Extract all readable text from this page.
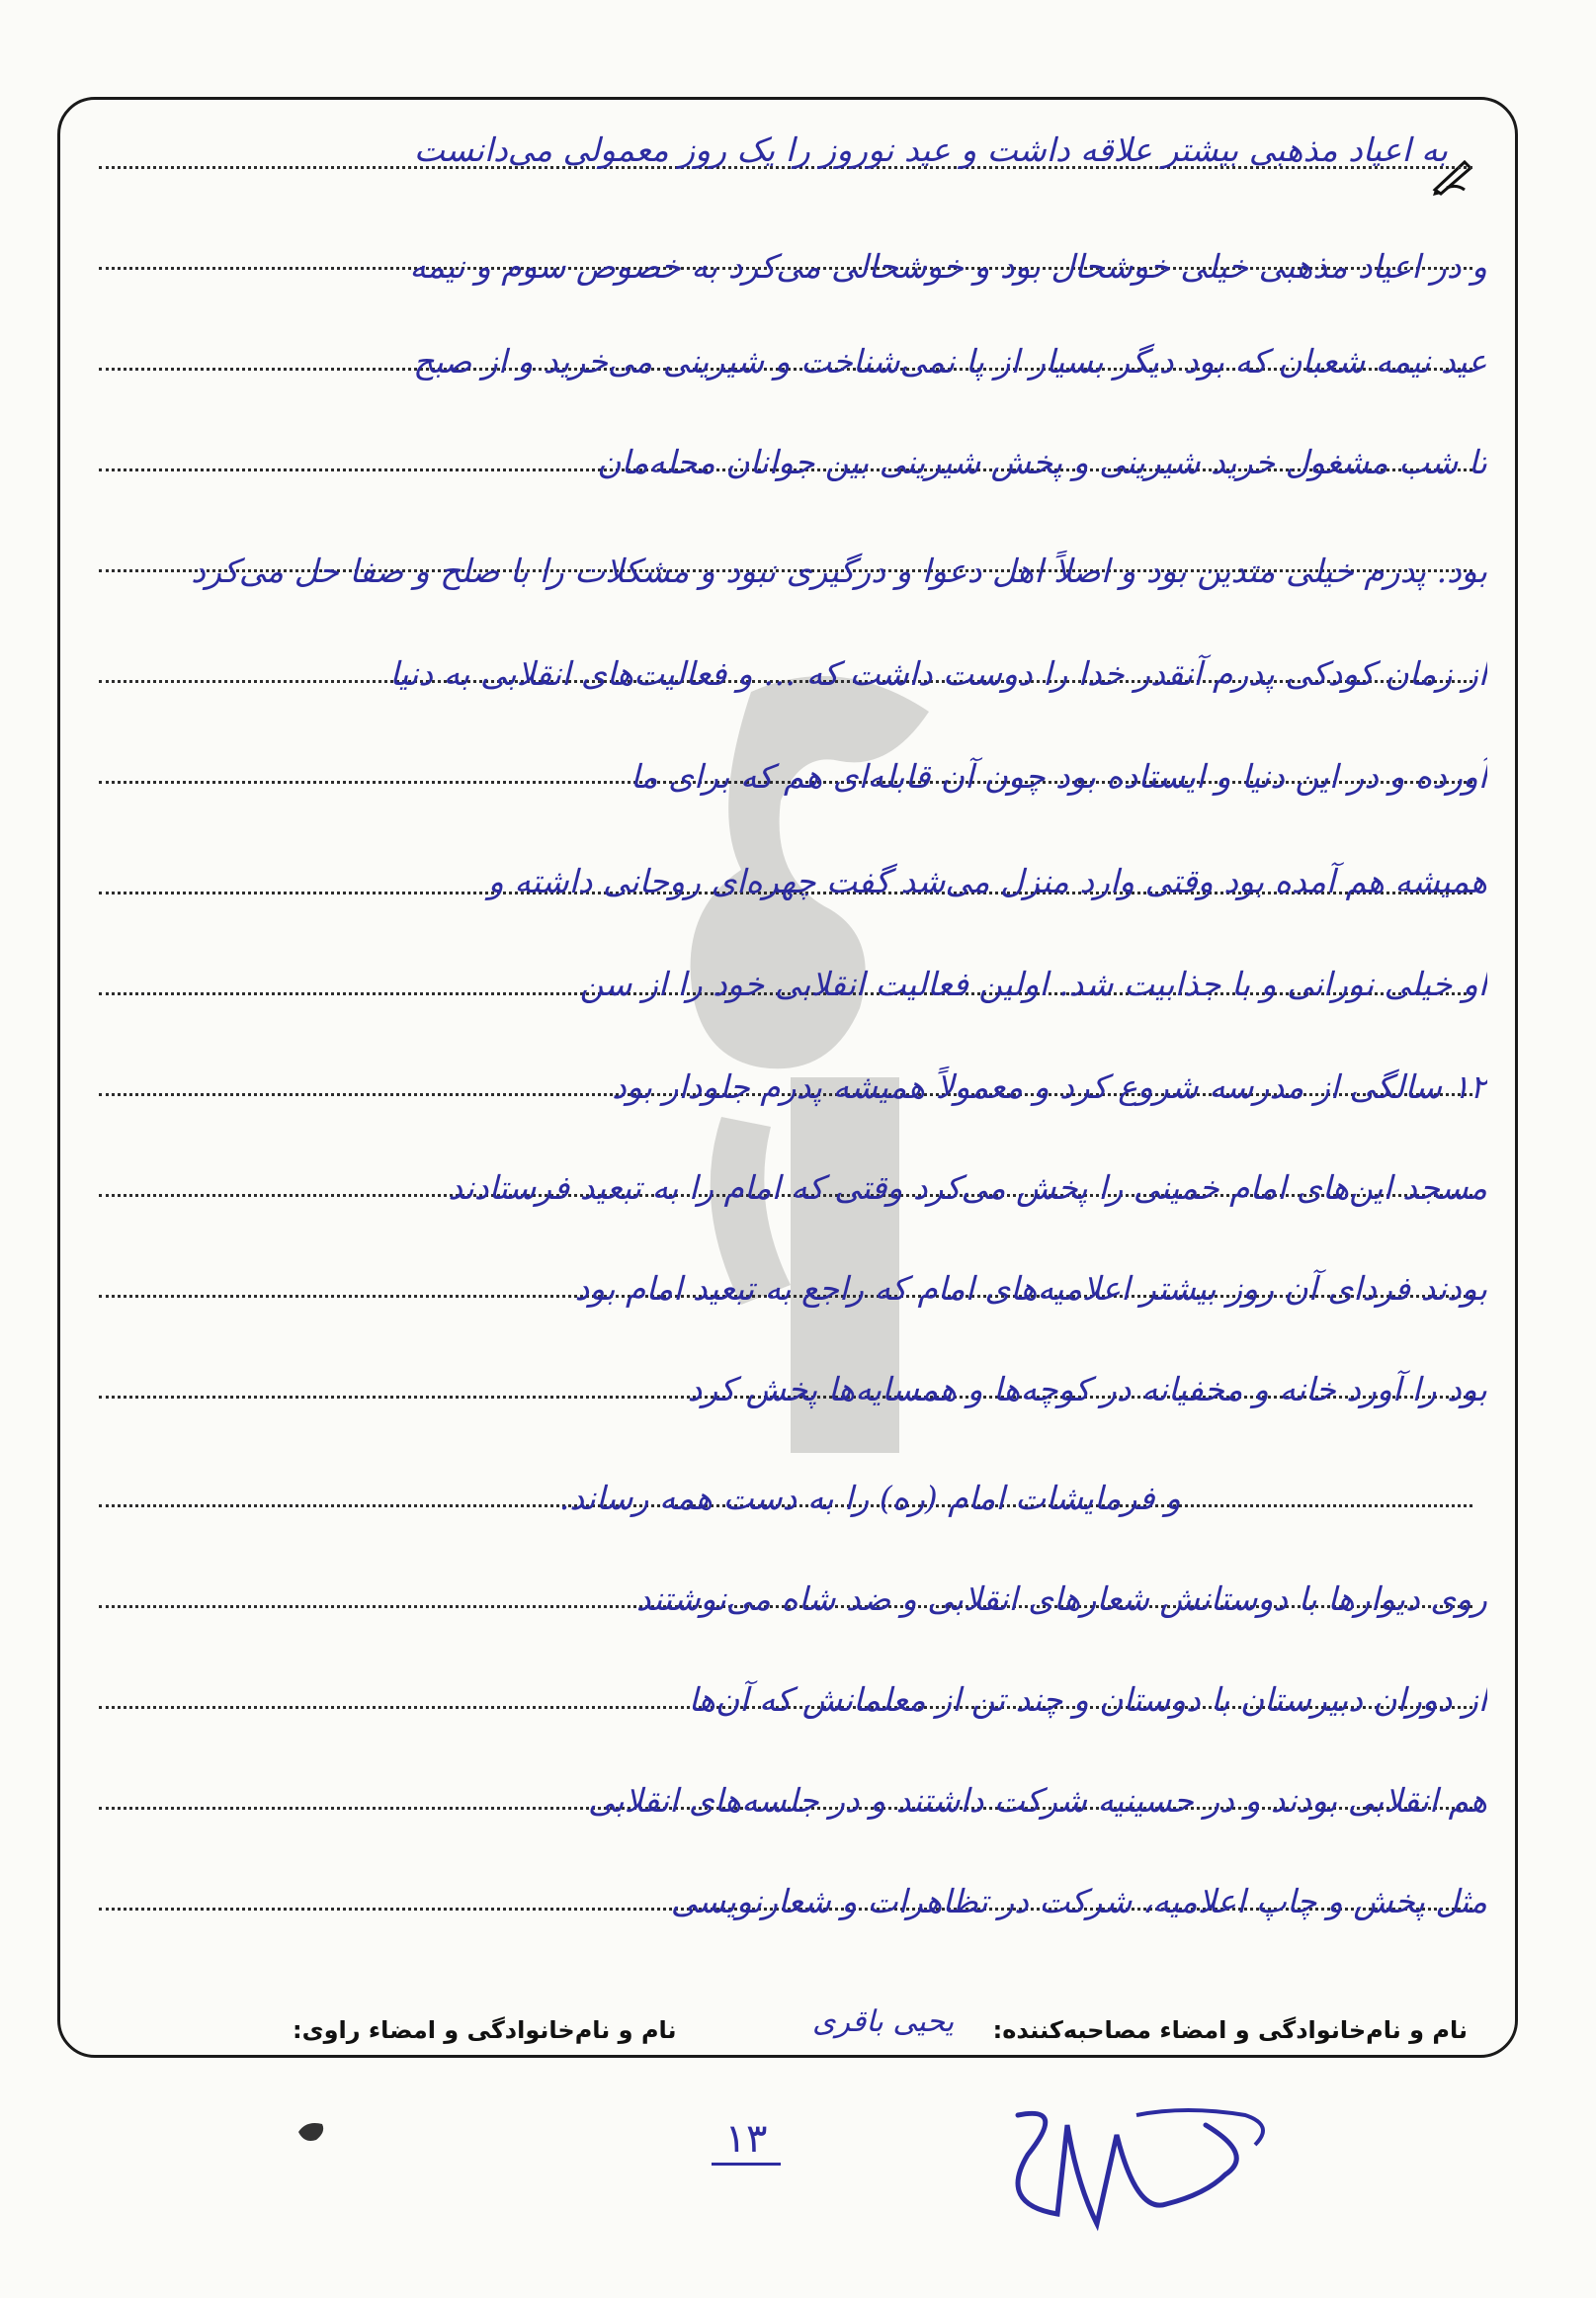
به اعیاد مذهبی بیشتر علاقه داشت و عید نوروز را یک روز معمولی می‌دانست
و در اعیاد مذهبی خیلی خوشحال بود و خوشحالی می‌کرد به خصوص سوم و نیمه
عید نیمه شعبان که بود دیگر بسیار از پا نمی‌شناخت و شیرینی می‌خرید و از صبح
تا شب مشغول خرید شیرینی و پخش شیرینی بین جوانان محله‌مان
بود. پدرم خیلی متدین بود و اصلاً اهل دعوا و درگیری نبود و مشکلات را با صلح و صفا حل می‌کرد
از زمان کودکی پدرم آنقدر خدا را دوست داشت که … و فعالیت‌های انقلابی به دنیا
آورده و در این دنیا و ایستاده بود چون آن قابله‌ای هم که برای ما
همیشه هم آمده بود وقتی وارد منزل می‌شد گفت چهره‌ای روحانی داشته و
او خیلی نورانی و با جذابیت شد. اولین فعالیت انقلابی خود را از سن
۱۲ سالگی از مدرسه شروع کرد و معمولاً همیشه پدرم جلودار بود
مسجد این‌های امام خمینی را پخش می‌کرد وقتی که امام را به تبعید فرستادند
بودند فردای آن روز بیشتر اعلامیه‌های امام که راجع به تبعید امام بود
بود را آورد خانه و مخفیانه در کوچه‌ها و همسایه‌ها پخش کرد
و فرمایشات امام (ره) را به دست همه رساند.
روی دیوارها با دوستانش شعارهای انقلابی و ضد شاه می‌نوشتند
از دوران دبیرستان با دوستان و چند تن از معلمانش که آن‌ها
هم انقلابی بودند و در حسینیه شرکت داشتند و در جلسه‌های انقلابی
مثل پخش و چاپ اعلامیه، شرکت در تظاهرات و شعارنویسی
نام و نام‌خانوادگی و امضاء مصاحبه‌کننده:
یحیی باقری
نام و نام‌خانوادگی و امضاء راوی:
۱۳
